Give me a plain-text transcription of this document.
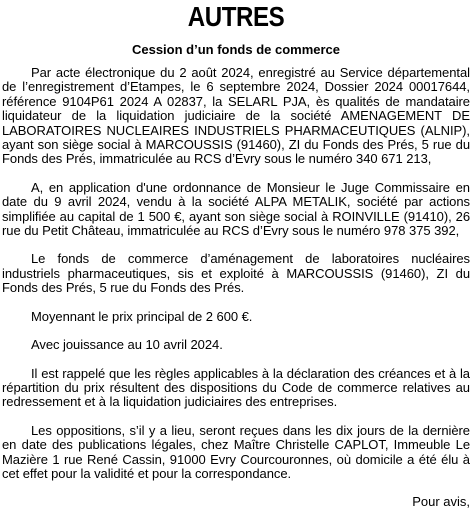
AUTRES
Cession d’un fonds de commerce

Par acte électronique du 2 août 2024, enregistré au Service départemental de l’enregistrement d’Etampes, le 6 septembre 2024, Dossier 2024 00017644, référence 9104P61 2024 A 02837, la SELARL PJA, ès qualités de mandataire liquidateur de la liquidation judiciaire de la société AMENAGEMENT DE LABORATOIRES NUCLEAIRES INDUSTRIELS PHARMACEUTIQUES (ALNIP), ayant son siège social à MARCOUSSIS (91460), ZI du Fonds des Prés, 5 rue du Fonds des Prés, immatriculée au RCS d’Evry sous le numéro 340 671 213,

A, en application d'une ordonnance de Monsieur le Juge Commissaire en date du 9 avril 2024, vendu à la société ALPA METALIK, société par actions simplifiée au capital de 1 500 €, ayant son siège social à ROINVILLE (91410), 26 rue du Petit Château, immatriculée au RCS d’Evry sous le numéro 978 375 392,

Le fonds de commerce d’aménagement de laboratoires nucléaires industriels pharmaceutiques, sis et exploité à MARCOUSSIS (91460), ZI du Fonds des Prés, 5 rue du Fonds des Prés.

Moyennant le prix principal de 2 600 €.

Avec jouissance au 10 avril 2024.

Il est rappelé que les règles applicables à la déclaration des créances et à la répartition du prix résultent des dispositions du Code de commerce relatives au redressement et à la liquidation judiciaires des entreprises.

Les oppositions, s’il y a lieu, seront reçues dans les dix jours de la dernière en date des publications légales, chez Maître Christelle CAPLOT, Immeuble Le Mazière 1 rue René Cassin, 91000 Evry Courcouronnes, où domicile a été élu à cet effet pour la validité et pour la correspondance.

Pour avis,
